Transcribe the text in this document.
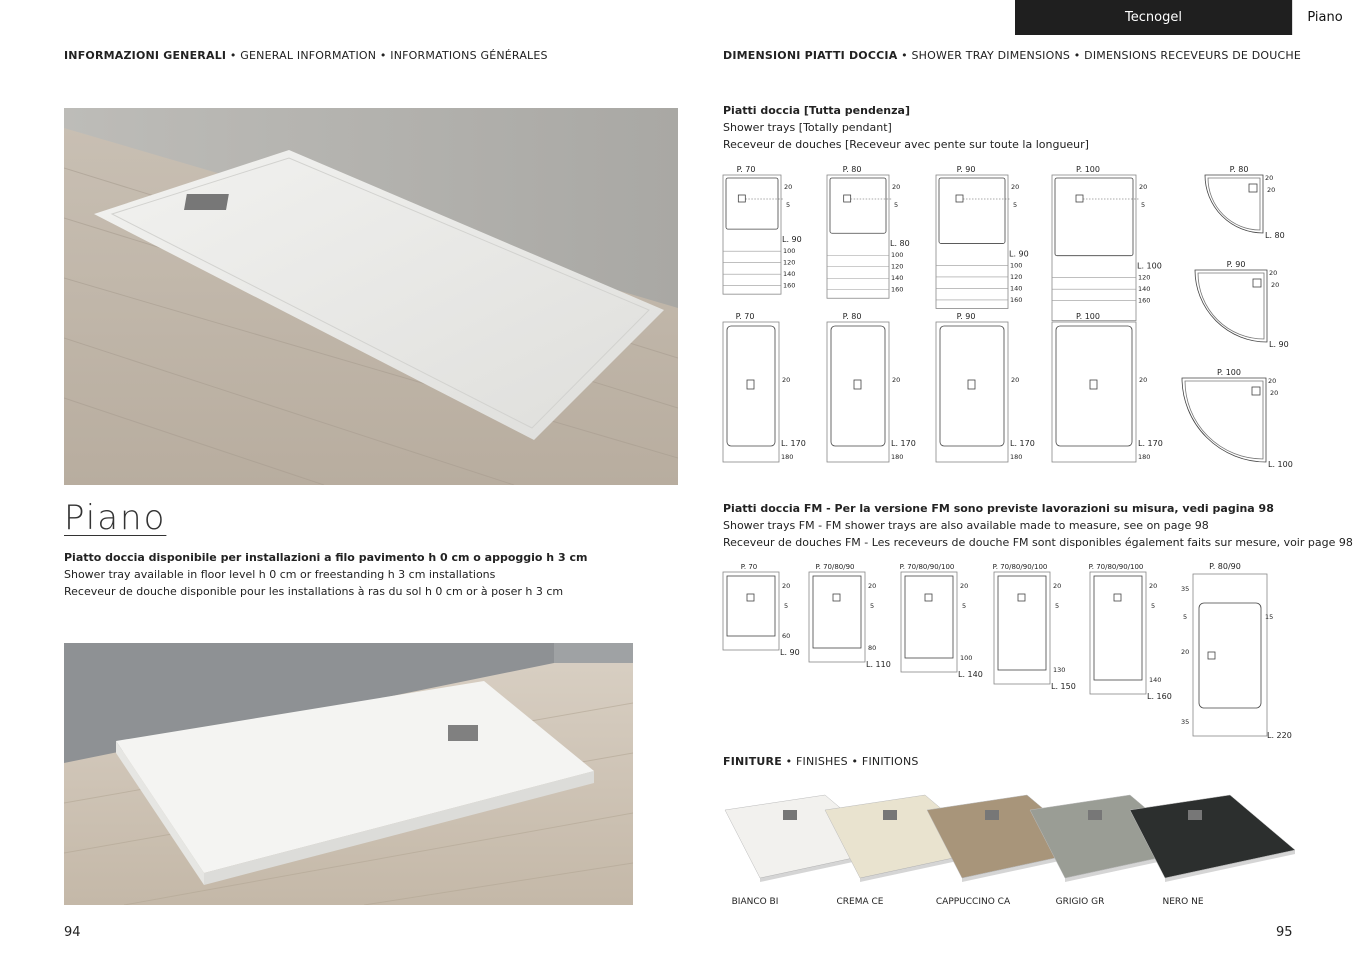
Tecnogel	Piano
INFORMAZIONI GENERALI • GENERAL INFORMATION • INFORMATIONS GÉNÉRALES
Piano
Piatto doccia disponibile per installazioni a filo pavimento h 0 cm o appoggio h 3 cm
Shower tray available in floor level h 0 cm or freestanding h 3 cm installations
Receveur de douche disponible pour les installations à ras du sol h 0 cm or à poser h 3 cm
94
DIMENSIONI PIATTI DOCCIA • SHOWER TRAY DIMENSIONS • DIMENSIONS RECEVEURS DE DOUCHE
Piatti doccia [Tutta pendenza]
Shower trays [Totally pendant]
Receveur de douches [Receveur avec pente sur toute la longueur]
P. 70
20
5
L. 90
100
120
140
160
P. 80
20
5
L. 80
100
120
140
160
P. 90
20
5
L. 90
100
120
140
160
P. 100
20
5
L. 100
120
140
160
P. 70
20
L. 170
180
P. 80
20
L. 170
180
P. 90
20
L. 170
180
P. 100
20
L. 170
180
P. 80
20
20
L. 80
P. 90
20
20
L. 90
P. 100
20
20
L. 100
P. 70
20
5
60
L. 90
P. 70/80/90
20
5
80
L. 110
P. 70/80/90/100
20
5
100
L. 140
P. 70/80/90/100
20
5
130
L. 150
P. 70/80/90/100
20
5
140
L. 160
P. 80/90
35
5	15
20
35
L. 220
Piatti doccia FM - Per la versione FM sono previste lavorazioni su misura, vedi pagina 98
Shower trays FM - FM shower trays are also available made to measure, see on page 98
Receveur de douches FM - Les receveurs de douche FM sont disponibles également faits sur mesure, voir page 98
FINITURE • FINISHES • FINITIONS
BIANCO BI	CREMA CE	CAPPUCCINO CA	GRIGIO GR	NERO NE
95
